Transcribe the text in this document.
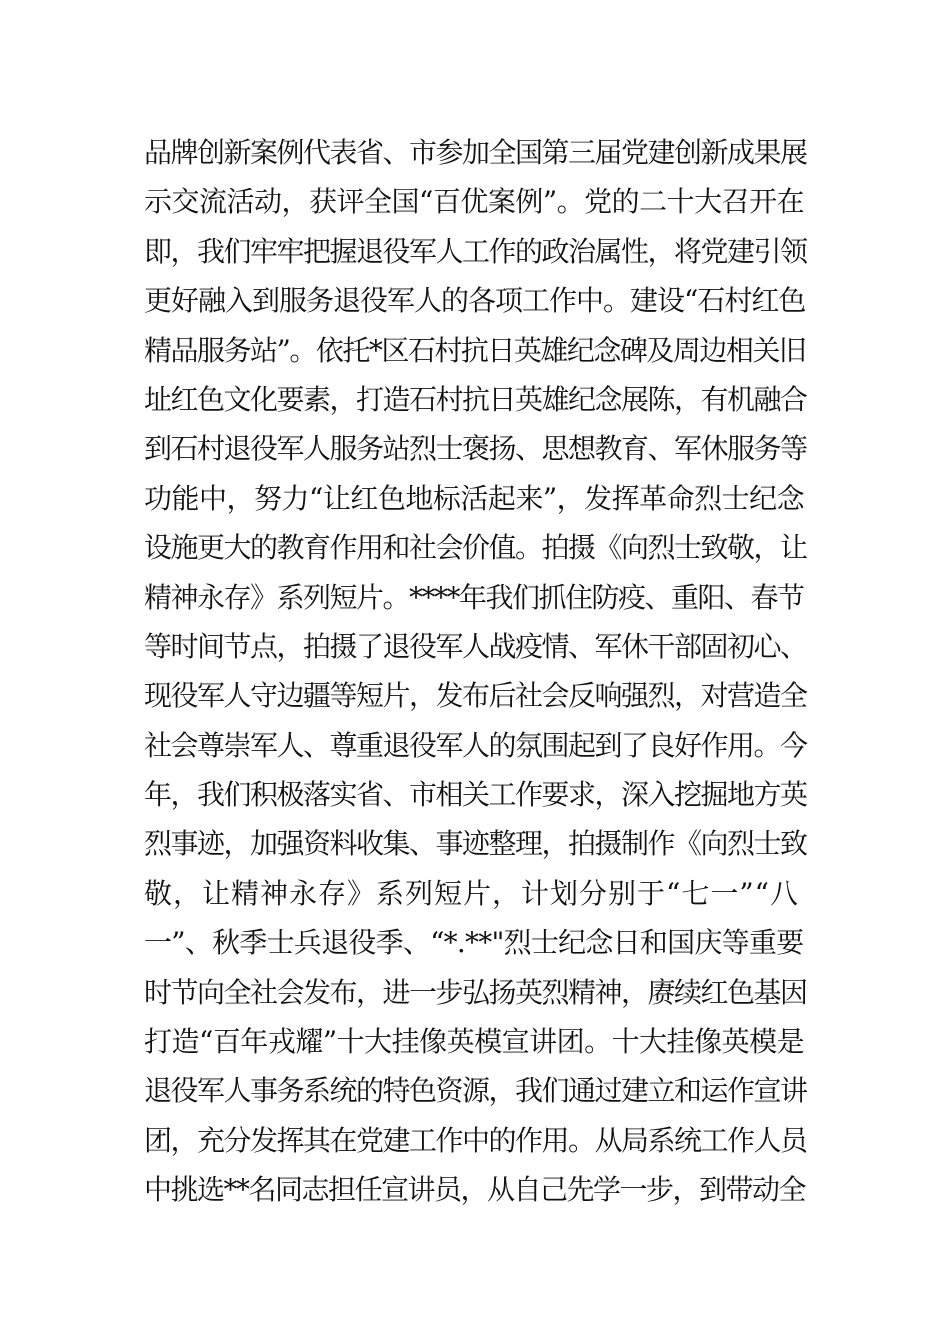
品牌创新案例代表省、市参加全国第三届党建创新成果展
示交流活动，获评全国“百优案例”。党的二十大召开在
即，我们牢牢把握退役军人工作的政治属性，将党建引领
更好融入到服务退役军人的各项工作中。建设“石村红色
精品服务站”。依托*区石村抗日英雄纪念碑及周边相关旧
址红色文化要素，打造石村抗日英雄纪念展陈，有机融合
到石村退役军人服务站烈士褒扬、思想教育、军休服务等
功能中，努力“让红色地标活起来”，发挥革命烈士纪念
设施更大的教育作用和社会价值。拍摄《向烈士致敬，让
精神永存》系列短片。****年我们抓住防疫、重阳、春节
等时间节点，拍摄了退役军人战疫情、军休干部固初心、
现役军人守边疆等短片，发布后社会反响强烈，对营造全
社会尊崇军人、尊重退役军人的氛围起到了良好作用。今
年，我们积极落实省、市相关工作要求，深入挖掘地方英
烈事迹，加强资料收集、事迹整理，拍摄制作《向烈士致
敬，让精神永存》系列短片，计划分别于“七一”“八
一”、秋季士兵退役季、“*.**"烈士纪念日和国庆等重要
时节向全社会发布，进一步弘扬英烈精神，赓续红色基因
打造“百年戎耀”十大挂像英模宣讲团。十大挂像英模是
退役军人事务系统的特色资源，我们通过建立和运作宣讲
团，充分发挥其在党建工作中的作用。从局系统工作人员
中挑选**名同志担任宣讲员，从自己先学一步，到带动全
